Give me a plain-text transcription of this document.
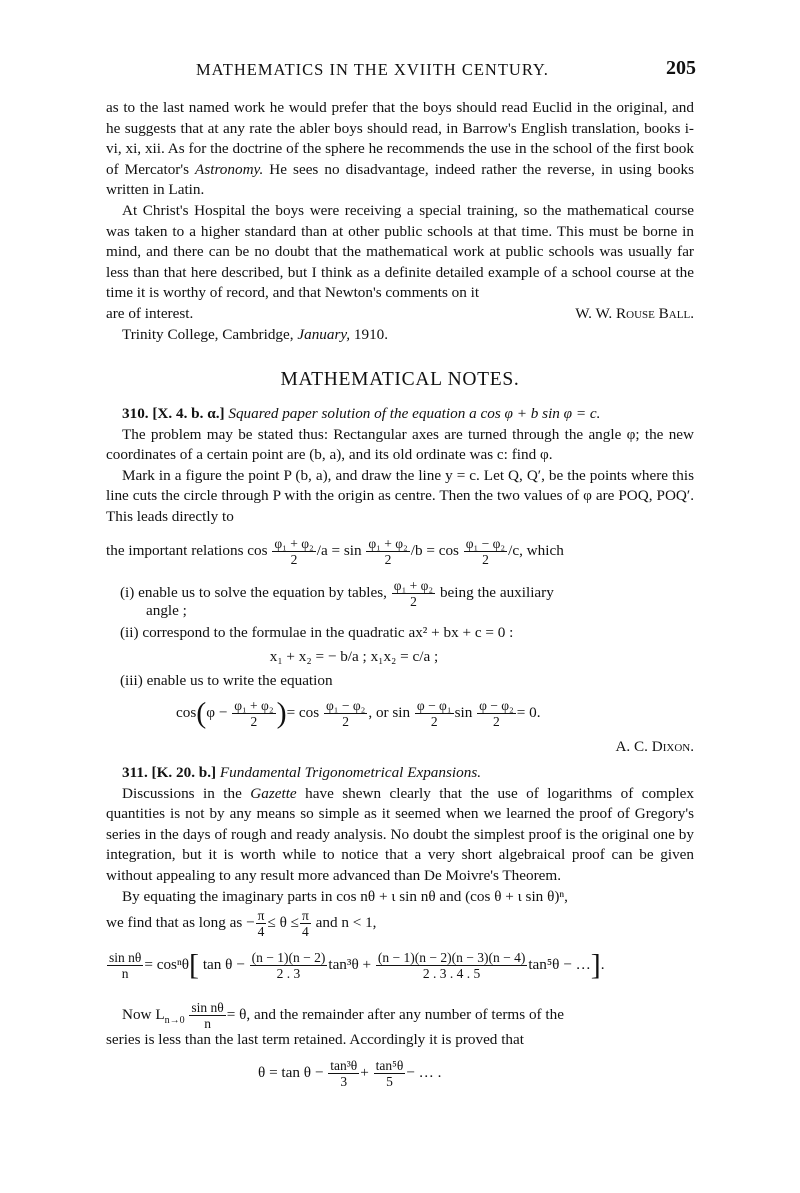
MATHEMATICS IN THE XVIITH CENTURY.	205

as to the last named work he would prefer that the boys should read Euclid in the original, and he suggests that at any rate the abler boys should read, in Barrow's English translation, books i-vi, xi, xii. As for the doctrine of the sphere he recommends the use in the school of the first book of Mercator's Astronomy. He sees no disadvantage, indeed rather the reverse, in using books written in Latin.

At Christ's Hospital the boys were receiving a special training, so the mathematical course was taken to a higher standard than at other public schools at that time. This must be borne in mind, and there can be no doubt that the mathematical work at public schools was usually far less than that here described, but I think as a definite detailed example of a school course at the time it is worthy of record, and that Newton's comments on it

are of interest.	W. W. Rouse Ball.

Trinity College, Cambridge, January, 1910.

MATHEMATICAL NOTES.

310. [X. 4. b. α.] Squared paper solution of the equation a cos φ + b sin φ = c.

The problem may be stated thus: Rectangular axes are turned through the angle φ; the new coordinates of a certain point are (b, a), and its old ordinate was c: find φ.

Mark in a figure the point P (b, a), and draw the line y = c. Let Q, Q′, be the points where this line cuts the circle through P with the origin as centre. Then the two values of φ are POQ, POQ′. This leads directly to

the important relations $\cos \frac{\text{φ₁ + φ₂}}{2} /a = \sin \frac{\text{φ₁ + φ₂}}{2} /b = \cos \frac{\text{φ₁ − φ₂}}{2} /c$, which
(i) enable us to solve the equation by tables, $\frac{\text{φ₁ + φ₂}}{2}$ being the auxiliary
angle ;
(ii) correspond to the formulae in the quadratic ax² + bx + c = 0 :
x₁ + x₂ = − b/a ; x₁x₂ = c/a ;
(iii) enable us to write the equation
$\cos(\varphi - \frac{\text{φ₁ + φ₂}}{2}$ )= $\cos \frac{\text{φ₁ − φ₂}}{2}$ , or $\sin \frac{\text{φ − φ₁}}{2}$ $\sin \frac{\text{φ − φ₂}}{2} = 0$.
A. C. Dixon.

311. [K. 20. b.] Fundamental Trigonometrical Expansions.

Discussions in the Gazette have shewn clearly that the use of logarithms of complex quantities is not by any means so simple as it seemed when we learned the proof of Gregory's series in the days of rough and ready analysis. No doubt the simplest proof is the original one by integration, but it is worth while to notice that a very short algebraical proof can be given without appealing to any result more advanced than De Moivre's Theorem.

By equating the imaginary parts in cos nθ + ι sin nθ and (cos θ + ι sin θ)ⁿ,

we find that as long as − $\frac{\pi}{4} \le \theta \le \frac{\pi}{4}$ and n < 1,
$\frac{\text{sin nθ}}{n} = \cos^n\theta$[ $\tan \theta - \frac{(n - 1)(n - 2)}{2 . 3} \tan^3\theta + \frac{(n - 1)(n - 2)(n - 3)(n - 4)}{2 . 3 . 4 . 5} \tan^5\theta$ − …].
Now $L_{n\to 0} \frac{\text{sin nθ}}{n} = \theta$, and the remainder after any number of terms of the
series is less than the last term retained. Accordingly it is proved that
$\theta = \tan \theta - \frac{\text{tan³θ}}{3} + \frac{\text{tan⁵θ}}{5}$ − … .
